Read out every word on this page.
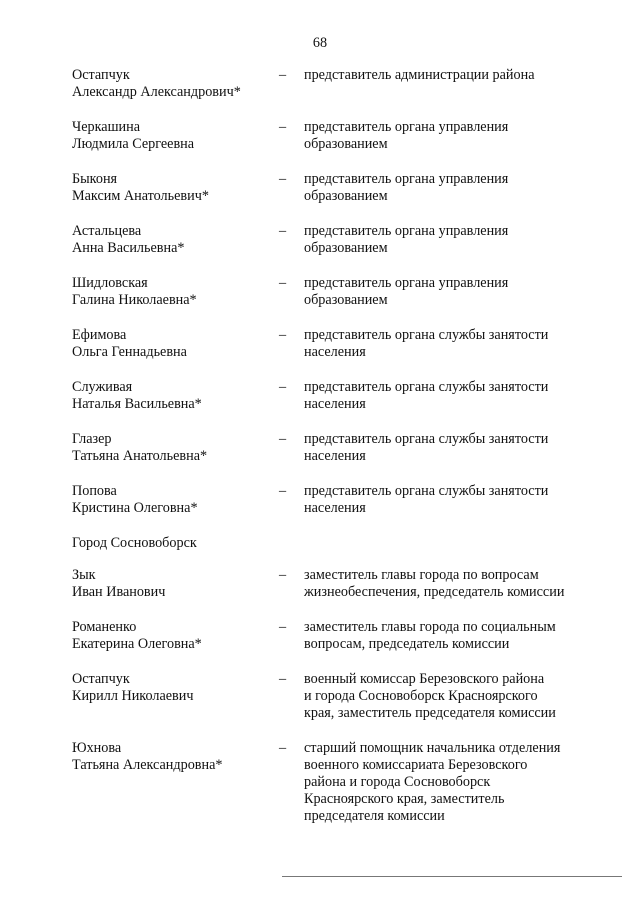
68
Остапчук
Александр Александрович*
– представитель администрации района
Черкашина
Людмила Сергеевна
– представитель органа управления
образованием
Быконя
Максим Анатольевич*
– представитель органа управления
образованием
Астальцева
Анна Васильевна*
– представитель органа управления
образованием
Шидловская
Галина Николаевна*
– представитель органа управления
образованием
Ефимова
Ольга Геннадьевна
– представитель органа службы занятости
населения
Служивая
Наталья Васильевна*
– представитель органа службы занятости
населения
Глазер
Татьяна Анатольевна*
– представитель органа службы занятости
населения
Попова
Кристина Олеговна*
– представитель органа службы занятости
населения
Город Сосновоборск
Зык
Иван Иванович
– заместитель главы города по вопросам
жизнеобеспечения, председатель комиссии
Романенко
Екатерина Олеговна*
– заместитель главы города по социальным
вопросам, председатель комиссии
Остапчук
Кирилл Николаевич
– военный комиссар Березовского района
и города Сосновоборск Красноярского
края, заместитель председателя комиссии
Юхнова
Татьяна Александровна*
– старший помощник начальника отделения
военного комиссариата Березовского
района и города Сосновоборск
Красноярского края, заместитель
председателя комиссии
